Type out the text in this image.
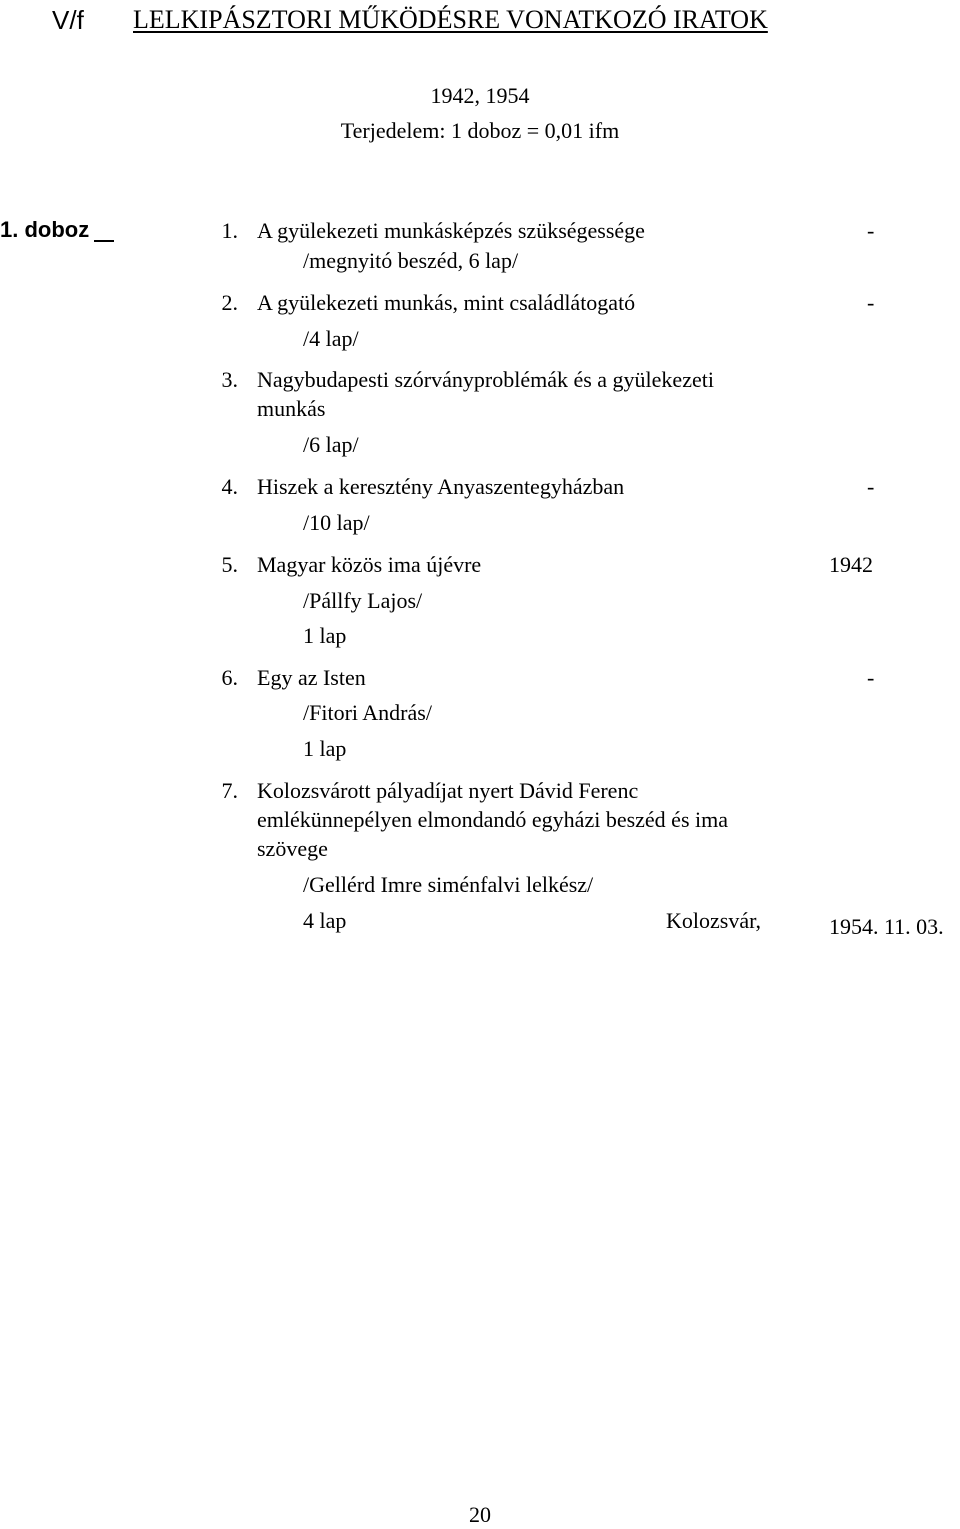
V/f LELKIPÁSZTORI MŰKÖDÉSRE VONATKOZÓ IRATOK
1942, 1954
Terjedelem: 1 doboz = 0,01 ifm
1. doboz	1. A gyülekezeti munkásképzés szükségessége
/megnyitó beszéd, 6 lap/
-
2. A gyülekezeti munkás, mint családlátogató
/4 lap/
-
3. Nagybudapesti szórványproblémák és a gyülekezeti
munkás
/6 lap/
4. Hiszek a keresztény Anyaszentegyházban
/10 lap/
-
5. Magyar közös ima újévre
/Pállfy Lajos/
1 lap
1942
6. Egy az Isten
/Fitori András/
1 lap
-
7. Kolozsvárott pályadíjat nyert Dávid Ferenc
emlékünnepélyen elmondandó egyházi beszéd és ima
szövege
/Gellérd Imre siménfalvi lelkész/
4 lap	Kolozsvár,	1954. 11. 03.
20
